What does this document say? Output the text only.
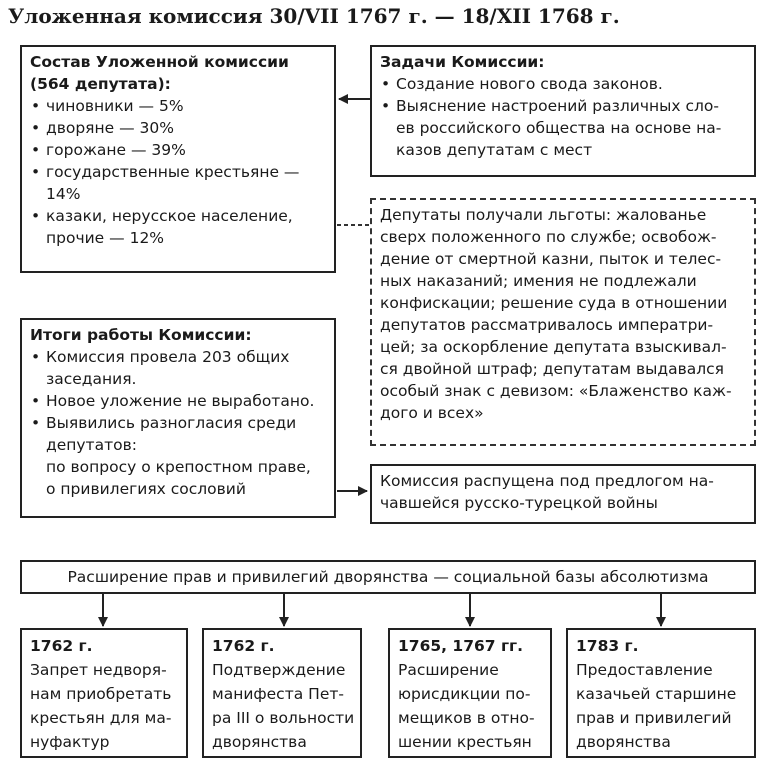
Уложенная комиссия 30/VII 1767 г. — 18/XII 1768 г.
Состав Уложенной комиссии
(564 депутата):
• чиновники — 5%
• дворяне — 30%
• горожане — 39%
• государственные крестьяне —
14%
• казаки, нерусское население,
прочие — 12%
Задачи Комиссии:
• Создание нового свода законов.
• Выяснение настроений различных сло-
ев российского общества на основе на-
казов депутатам с мест
Депутаты получали льготы: жалованье
сверх положенного по службе; освобож-
дение от смертной казни, пыток и телес-
ных наказаний; имения не подлежали
конфискации; решение суда в отношении
депутатов рассматривалось императри-
цей; за оскорбление депутата взыскивал-
ся двойной штраф; депутатам выдавался
особый знак с девизом: «Блаженство каж-
дого и всех»
Итоги работы Комиссии:
• Комиссия провела 203 общих
заседания.
• Новое уложение не выработано.
• Выявились разногласия среди
депутатов:
по вопросу о крепостном праве,
о привилегиях сословий	Комиссия распущена под предлогом на-
чавшейся русско-турецкой войны
Расширение прав и привилегий дворянства — социальной базы абсолютизма
1762 г.
Запрет недворя-
нам приобретать
крестьян для ма-
нуфактур
1762 г.
Подтверждение
манифеста Пет-
ра III о вольности
дворянства
1765, 1767 гг.
Расширение
юрисдикции по-
мещиков в отно-
шении крестьян
1783 г.
Предоставление
казачьей старшине
прав и привилегий
дворянства
